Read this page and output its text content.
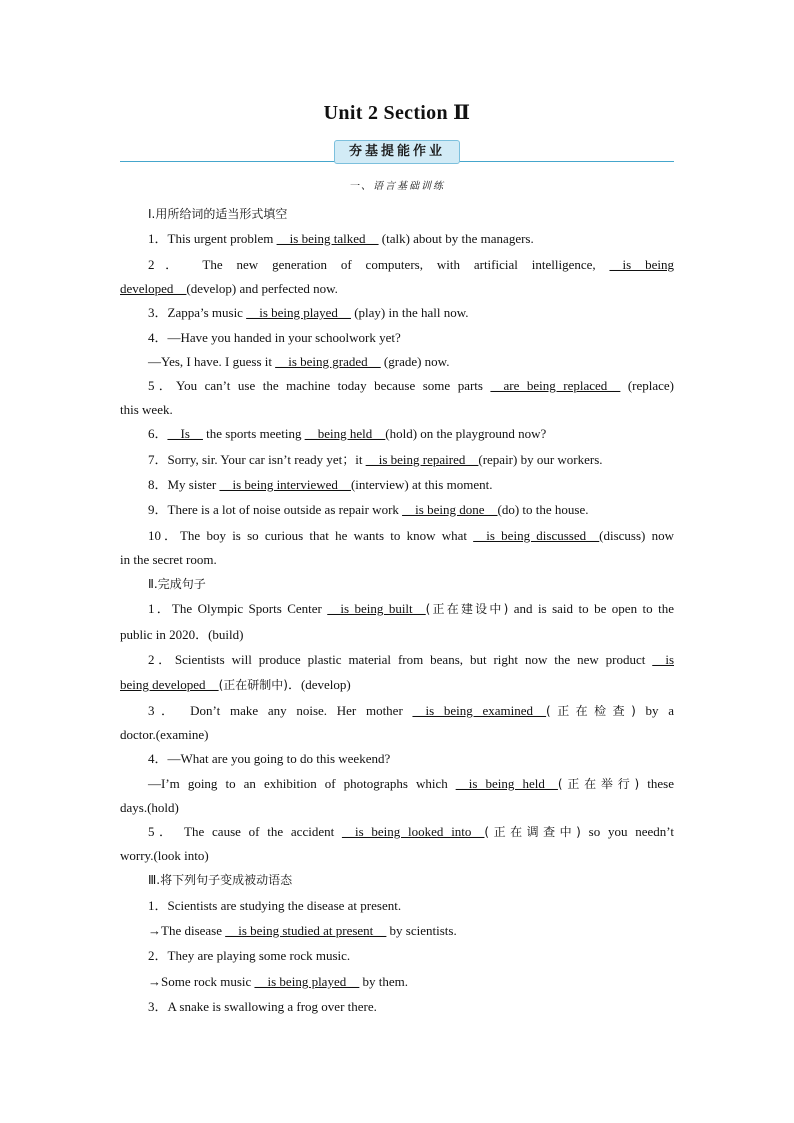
Unit 2 Section Ⅱ
夯基提能作业
一、语言基础训练
Ⅰ.用所给词的适当形式填空
1．This urgent problem __is being talked__ (talk) about by the managers.
2． The new generation of computers, with artificial intelligence, __is being
developed__(develop) and perfected now.
3．Zappa’s music __is being played__ (play) in the hall now.
4．—Have you handed in your schoolwork yet?
—Yes, I have. I guess it __is being graded__ (grade) now.
5．You can’t use the machine today because some parts __are being replaced__ (replace)
this week.
6．__Is__ the sports meeting __being held__(hold) on the playground now?
7．Sorry, sir. Your car isn’t ready yet；it __is being repaired__(repair) by our workers.
8．My sister __is being interviewed__(interview) at this moment.
9．There is a lot of noise outside as repair work __is being done__(do) to the house.
10．The boy is so curious that he wants to know what __is being discussed__(discuss) now
in the secret room.
Ⅱ.完成句子
1．The Olympic Sports Center __is being built__(正在建设中) and is said to be open to the
public in 2020．(build)
2．Scientists will produce plastic material from beans, but right now the new product __is
being developed__(正在研制中)．(develop)
3． Don’t make any noise. Her mother __is being examined__(正在检查) by a
doctor.(examine)
4．—What are you going to do this weekend?
—I’m going to an exhibition of photographs which __is being held__(正在举行) these
days.(hold)
5． The cause of the accident __is being looked into__(正在调查中) so you needn’t
worry.(look into)
Ⅲ.将下列句子变成被动语态
1．Scientists are studying the disease at present.
→The disease __is being studied at present__ by scientists.
2．They are playing some rock music.
→Some rock music __is being played__ by them.
3．A snake is swallowing a frog over there.
